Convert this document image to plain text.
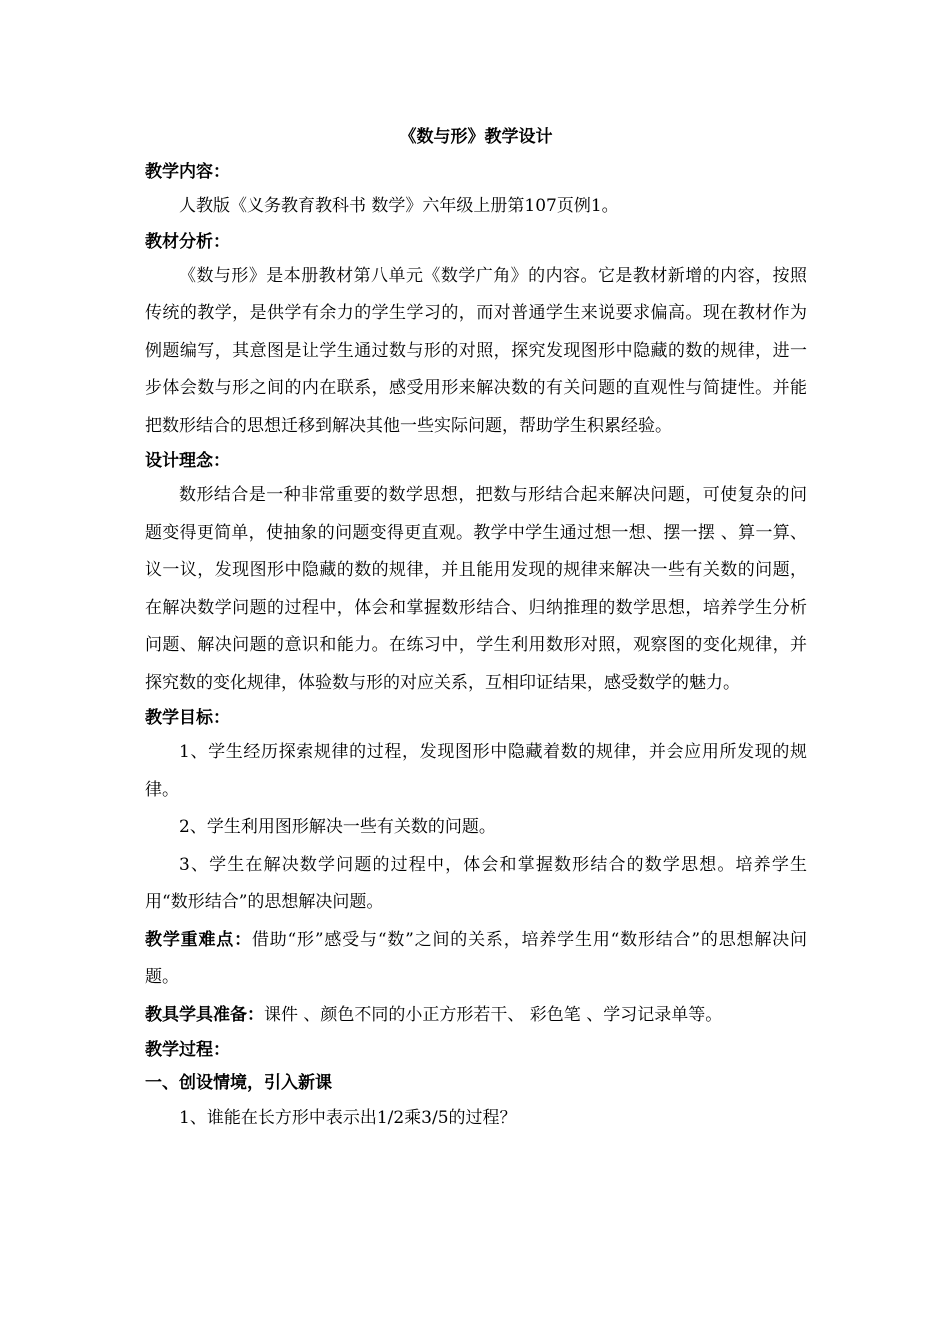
《数与形》教学设计

教学内容：

人教版《义务教育教科书 数学》六年级上册第107页例1。

教材分析：

《数与形》是本册教材第八单元《数学广角》的内容。它是教材新增的内容，按照传统的教学，是供学有余力的学生学习的，而对普通学生来说要求偏高。现在教材作为例题编写，其意图是让学生通过数与形的对照，探究发现图形中隐藏的数的规律，进一步体会数与形之间的内在联系，感受用形来解决数的有关问题的直观性与简捷性。并能把数形结合的思想迁移到解决其他一些实际问题，帮助学生积累经验。

设计理念：

数形结合是一种非常重要的数学思想，把数与形结合起来解决问题，可使复杂的问题变得更简单，使抽象的问题变得更直观。教学中学生通过想一想、摆一摆 、算一算、议一议，发现图形中隐藏的数的规律，并且能用发现的规律来解决一些有关数的问题，在解决数学问题的过程中，体会和掌握数形结合、归纳推理的数学思想，培养学生分析问题、解决问题的意识和能力。在练习中，学生利用数形对照，观察图的变化规律，并探究数的变化规律，体验数与形的对应关系，互相印证结果，感受数学的魅力。

教学目标：

1、学生经历探索规律的过程，发现图形中隐藏着数的规律，并会应用所发现的规律。

2、学生利用图形解决一些有关数的问题。

3、学生在解决数学问题的过程中，体会和掌握数形结合的数学思想。培养学生用“数形结合”的思想解决问题。

教学重难点：借助“形”感受与“数”之间的关系，培养学生用“数形结合”的思想解决问题。

教具学具准备：课件 、颜色不同的小正方形若干、 彩色笔 、学习记录单等。

教学过程：

一、创设情境，引入新课

1、谁能在长方形中表示出1/2乘3/5的过程？
